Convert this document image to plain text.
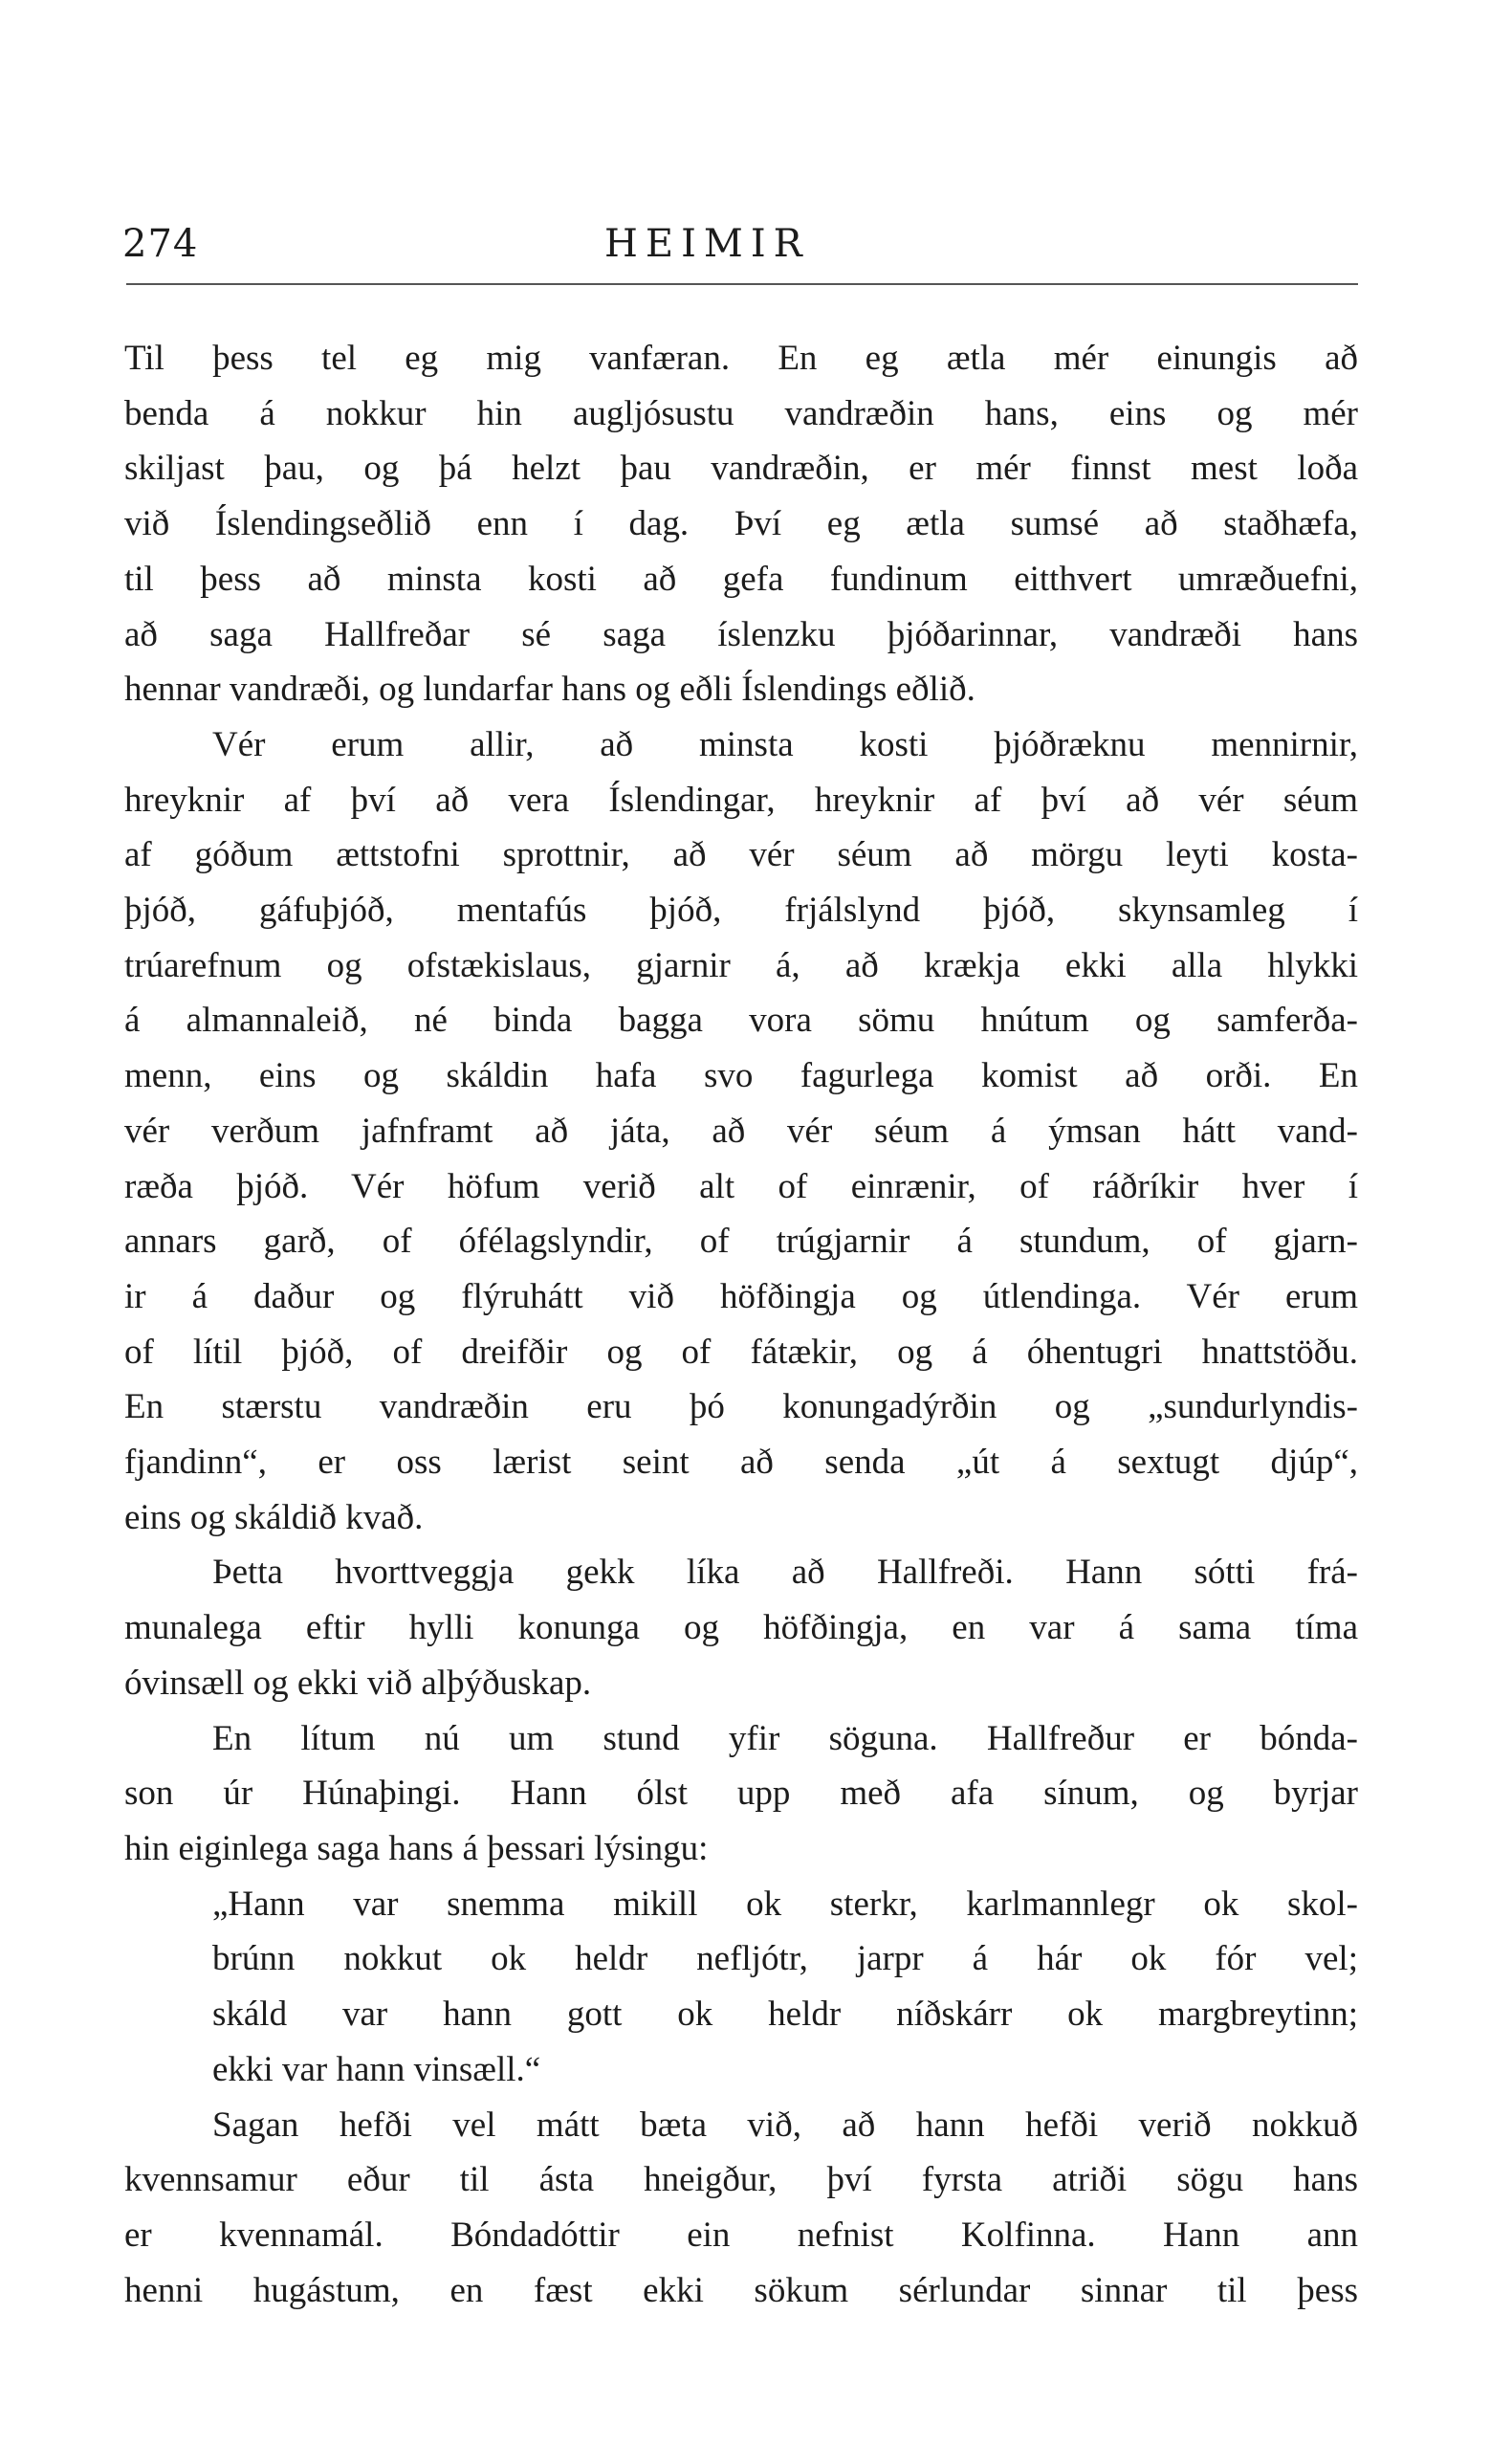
274	HEIMIR
Til þess tel eg mig vanfæran. En eg ætla mér einungis að
benda á nokkur hin augljósustu vandræðin hans, eins og mér
skiljast þau, og þá helzt þau vandræðin, er mér finnst mest loða
við Íslendingseðlið enn í dag. Því eg ætla sumsé að staðhæfa,
til þess að minsta kosti að gefa fundinum eitthvert umræðuefni,
að saga Hallfreðar sé saga íslenzku þjóðarinnar, vandræði hans
hennar vandræði, og lundarfar hans og eðli Íslendings eðlið.
Vér erum allir, að minsta kosti þjóðræknu mennirnir,
hreyknir af því að vera Íslendingar, hreyknir af því að vér séum
af góðum ættstofni sprottnir, að vér séum að mörgu leyti kosta-
þjóð, gáfuþjóð, mentafús þjóð, frjálslynd þjóð, skynsamleg í
trúarefnum og ofstækislaus, gjarnir á, að krækja ekki alla hlykki
á almannaleið, né binda bagga vora sömu hnútum og samferða-
menn, eins og skáldin hafa svo fagurlega komist að orði. En
vér verðum jafnframt að játa, að vér séum á ýmsan hátt vand-
ræða þjóð. Vér höfum verið alt of einrænir, of ráðríkir hver í
annars garð, of ófélagslyndir, of trúgjarnir á stundum, of gjarn-
ir á daður og flýruhátt við höfðingja og útlendinga. Vér erum
of lítil þjóð, of dreifðir og of fátækir, og á óhentugri hnattstöðu.
En stærstu vandræðin eru þó konungadýrðin og „sundurlyndis-
fjandinn“, er oss lærist seint að senda „út á sextugt djúp“,
eins og skáldið kvað.
Þetta hvorttveggja gekk líka að Hallfreði. Hann sótti frá-
munalega eftir hylli konunga og höfðingja, en var á sama tíma
óvinsæll og ekki við alþýðuskap.
En lítum nú um stund yfir söguna. Hallfreður er bónda-
son úr Húnaþingi. Hann ólst upp með afa sínum, og byrjar
hin eiginlega saga hans á þessari lýsingu:
„Hann var snemma mikill ok sterkr, karlmannlegr ok skol-
brúnn nokkut ok heldr nefljótr, jarpr á hár ok fór vel;
skáld var hann gott ok heldr níðskárr ok margbreytinn;
ekki var hann vinsæll.“
Sagan hefði vel mátt bæta við, að hann hefði verið nokkuð
kvennsamur eður til ásta hneigður, því fyrsta atriði sögu hans
er kvennamál. Bóndadóttir ein nefnist Kolfinna. Hann ann
henni hugástum, en fæst ekki sökum sérlundar sinnar til þess
